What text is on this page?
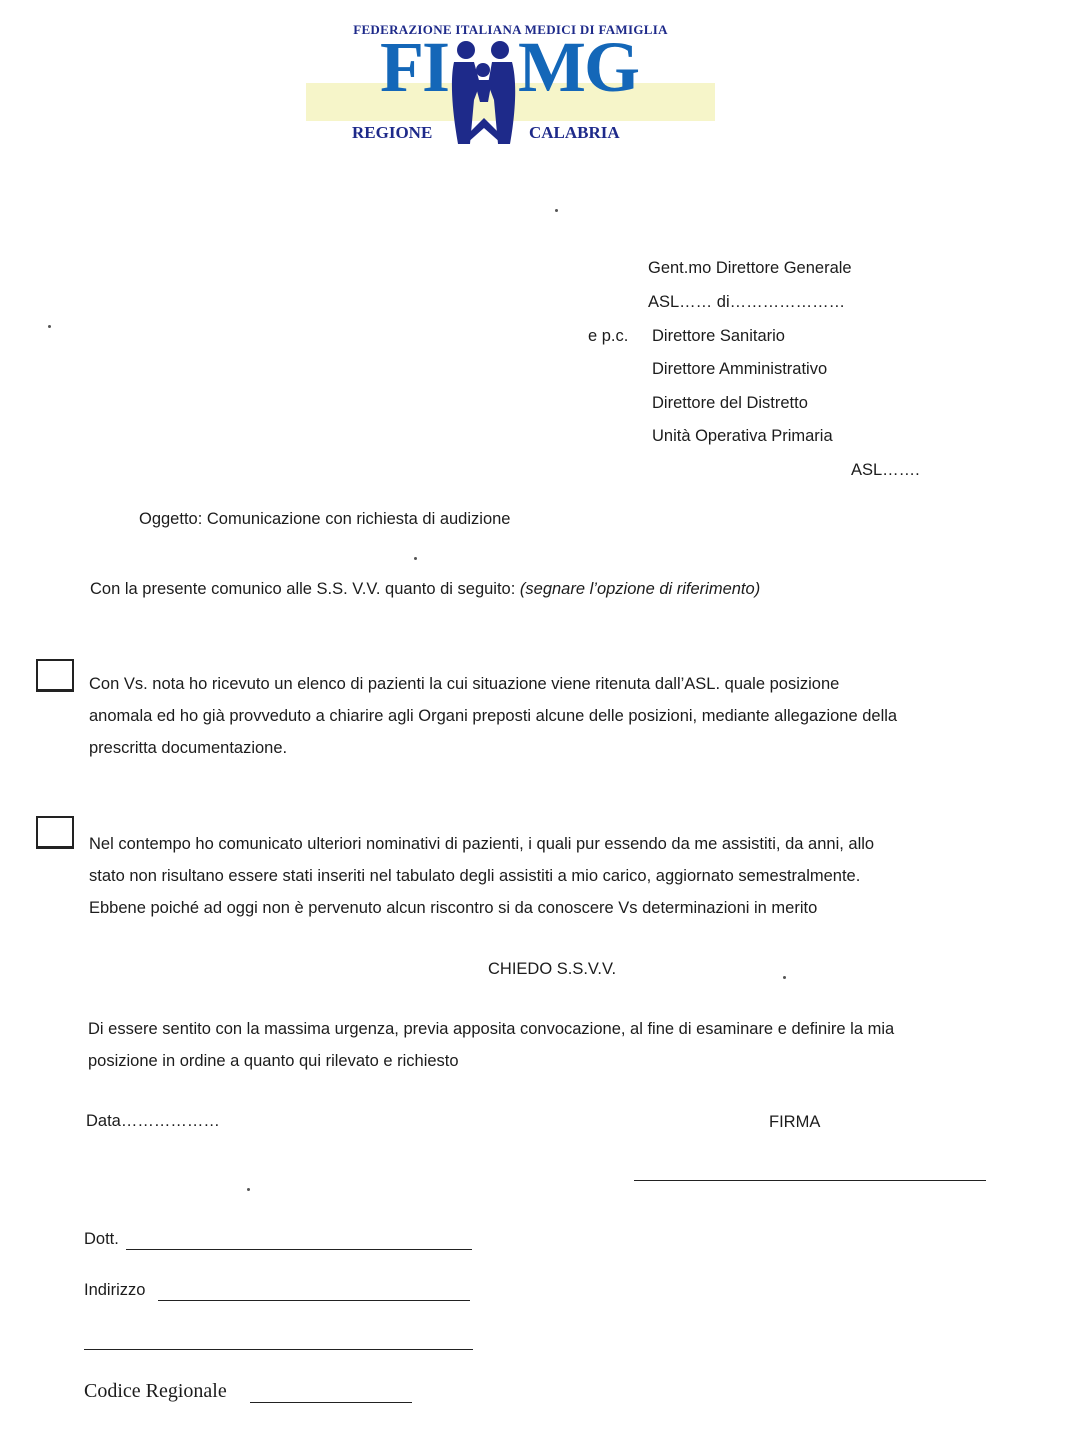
FEDERAZIONE ITALIANA MEDICI DI FAMIGLIA
FI MG
REGIONE	CALABRIA
Gent.mo Direttore Generale
ASL…… di…………………
e p.c. Direttore Sanitario
Direttore Amministrativo
Direttore del Distretto
Unità Operativa Primaria
ASL…….
Oggetto: Comunicazione con richiesta di audizione
Con la presente comunico alle S.S. V.V. quanto di seguito: (segnare l’opzione di riferimento)
Con Vs. nota ho ricevuto un elenco di pazienti la cui situazione viene ritenuta dall’ASL. quale posizione
anomala ed ho già provveduto a chiarire agli Organi preposti alcune delle posizioni, mediante allegazione della
prescritta documentazione.
Nel contempo ho comunicato ulteriori nominativi di pazienti, i quali pur essendo da me assistiti, da anni, allo
stato non risultano essere stati inseriti nel tabulato degli assistiti a mio carico, aggiornato semestralmente.
Ebbene poiché ad oggi non è pervenuto alcun riscontro si da conoscere Vs determinazioni in merito
CHIEDO S.S.V.V.
Di essere sentito con la massima urgenza, previa apposita convocazione, al fine di esaminare e definire la mia
posizione in ordine a quanto qui rilevato e richiesto
Data………………	FIRMA
Dott.
Indirizzo
Codice Regionale
